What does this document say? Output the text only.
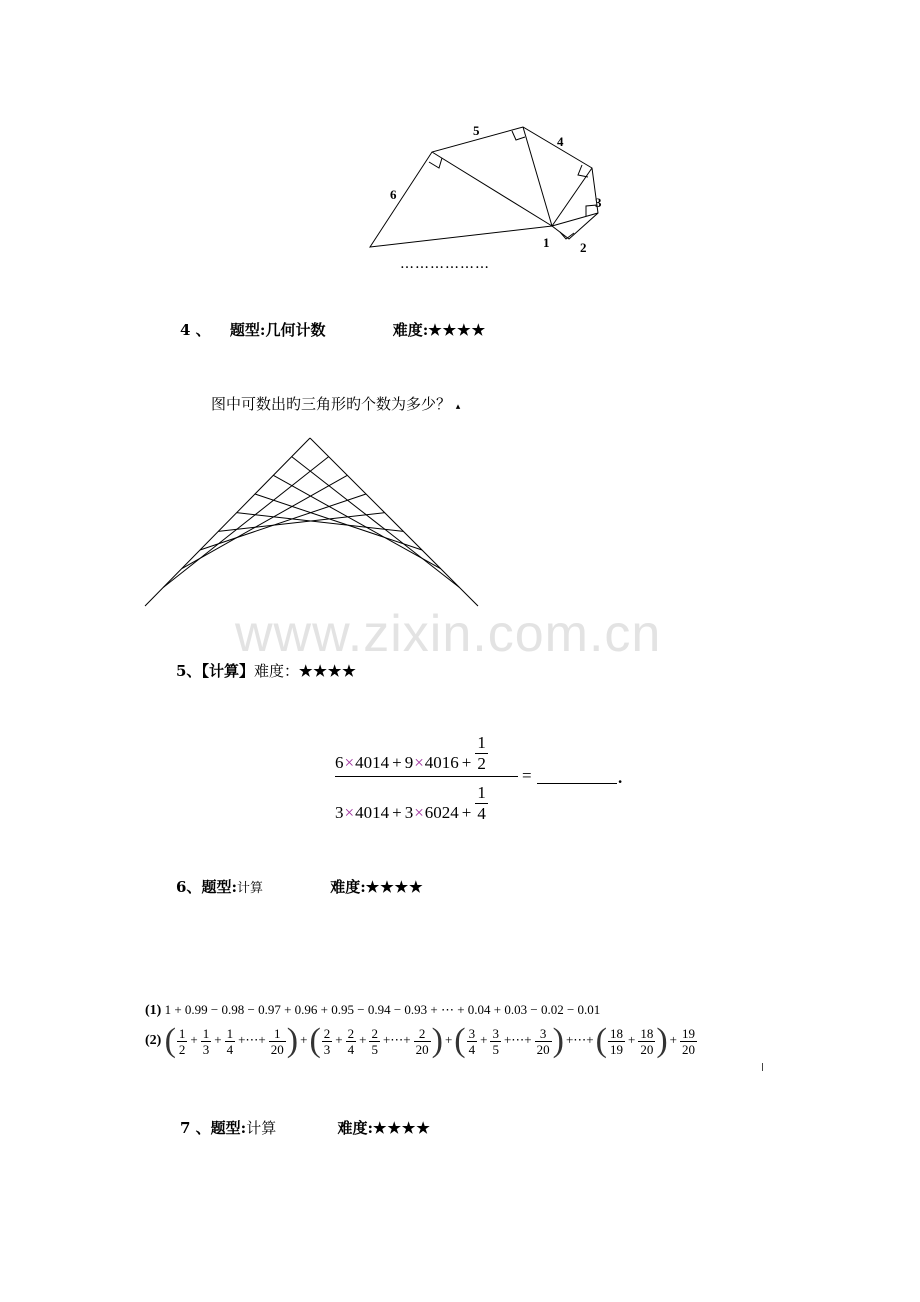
5
4
6
3
1 2
………………
4 、 题型:几何计数	难度:★★★★
图中可数出旳三角形旳个数为多少？ ▴
www.zixin.com.cn
5、【计算】难度：★★★★
$6\times 4014 + 9\times 4016 + \frac{1}{2}$
$3\times 4014 + 3\times 6024 + \frac{1}{4}$
=	.
6、题型:计算	难度:★★★★
(1) 1 + 0.99 − 0.98 − 0.97 + 0.96 + 0.95 − 0.94 − 0.93 + ⋯ + 0.04 + 0.03 − 0.02 − 0.01
(2) ( $\frac{1}{2} + \frac{1}{3} + \frac{1}{4}$ +⋯+ $\frac{1}{20}$ ) +( $\frac{2}{3} + \frac{2}{4} + \frac{2}{5}$ +⋯+ $\frac{2}{20}$ ) +( $\frac{3}{4} + \frac{3}{5}$ +⋯+ $\frac{3}{20}$ ) +⋯+( $\frac{18}{19} + \frac{18}{20}$ ) + $\frac{19}{20}$
7 、题型:计算	难度:★★★★
